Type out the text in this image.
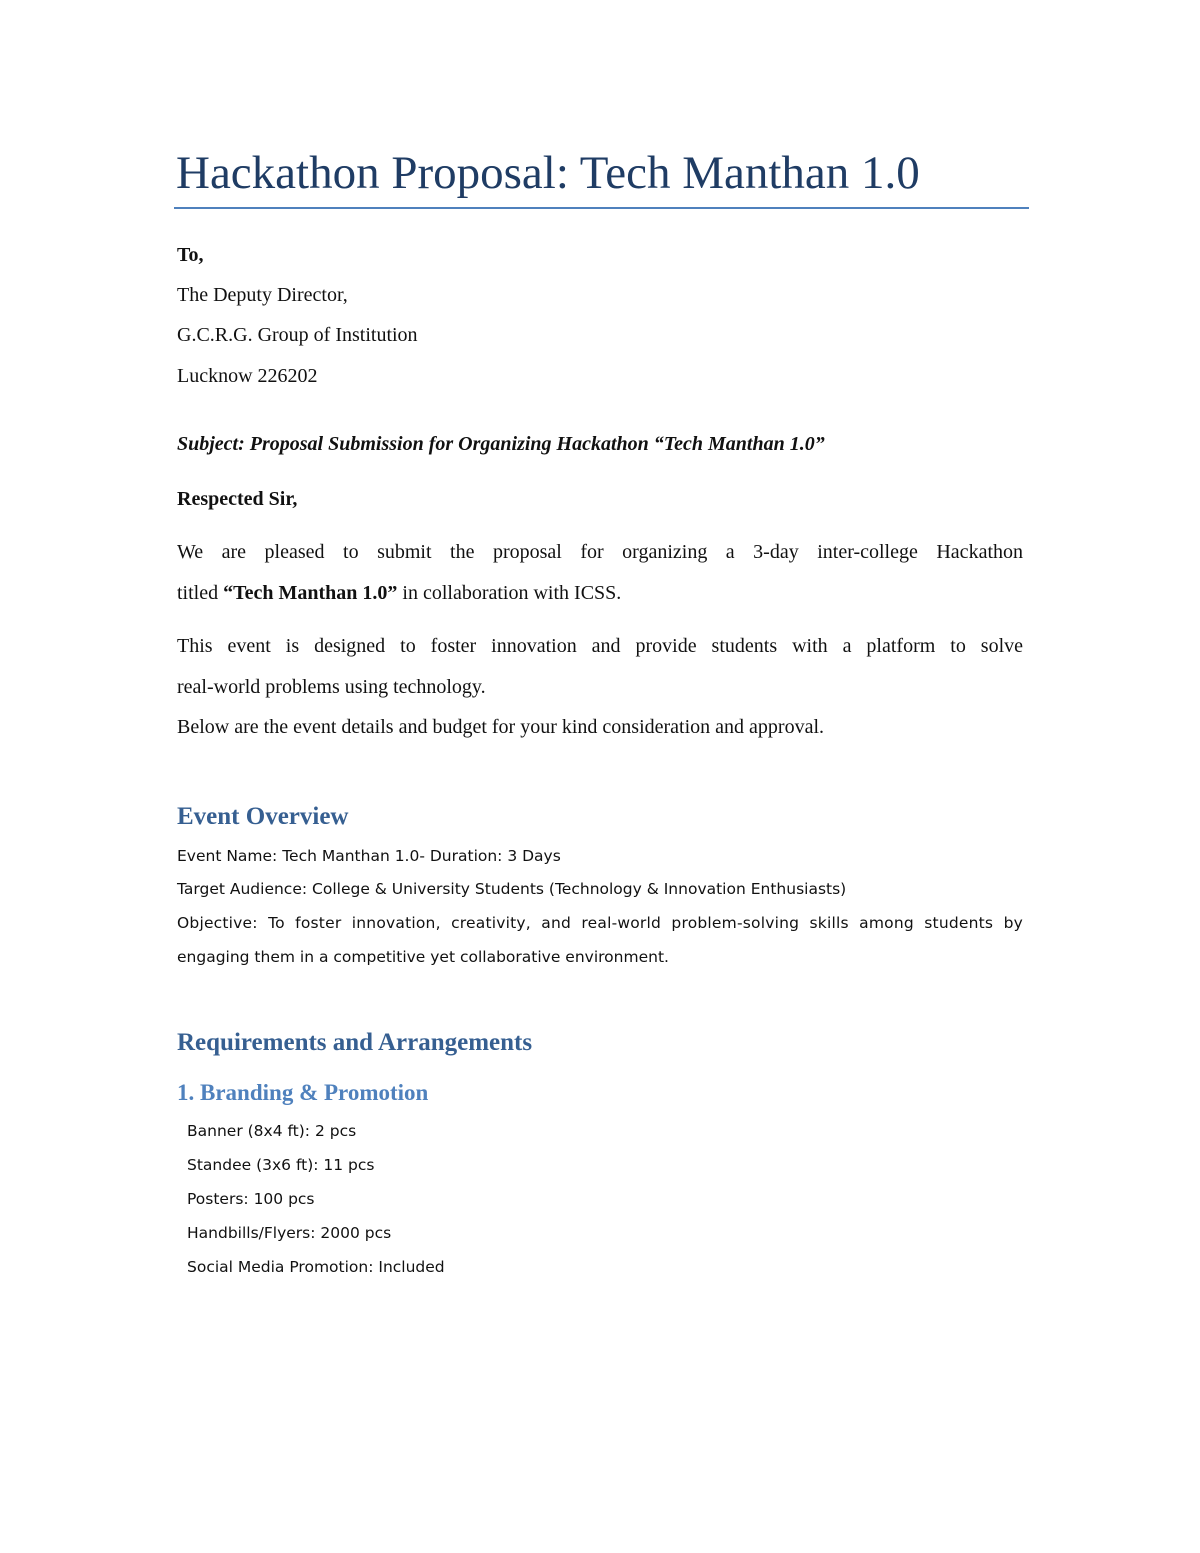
Hackathon Proposal: Tech Manthan 1.0
To,
The Deputy Director,
G.C.R.G. Group of Institution
Lucknow 226202
Subject: Proposal Submission for Organizing Hackathon “Tech Manthan 1.0”
Respected Sir,
We are pleased to submit the proposal for organizing a 3-day inter-college Hackathon
titled “Tech Manthan 1.0” in collaboration with ICSS.
This event is designed to foster innovation and provide students with a platform to solve
real-world problems using technology.
Below are the event details and budget for your kind consideration and approval.
Event Overview
Event Name: Tech Manthan 1.0- Duration: 3 Days
Target Audience: College & University Students (Technology & Innovation Enthusiasts)
Objective: To foster innovation, creativity, and real-world problem-solving skills among students by
engaging them in a competitive yet collaborative environment.
Requirements and Arrangements
1. Branding & Promotion
Banner (8x4 ft): 2 pcs
Standee (3x6 ft): 11 pcs
Posters: 100 pcs
Handbills/Flyers: 2000 pcs
Social Media Promotion: Included
